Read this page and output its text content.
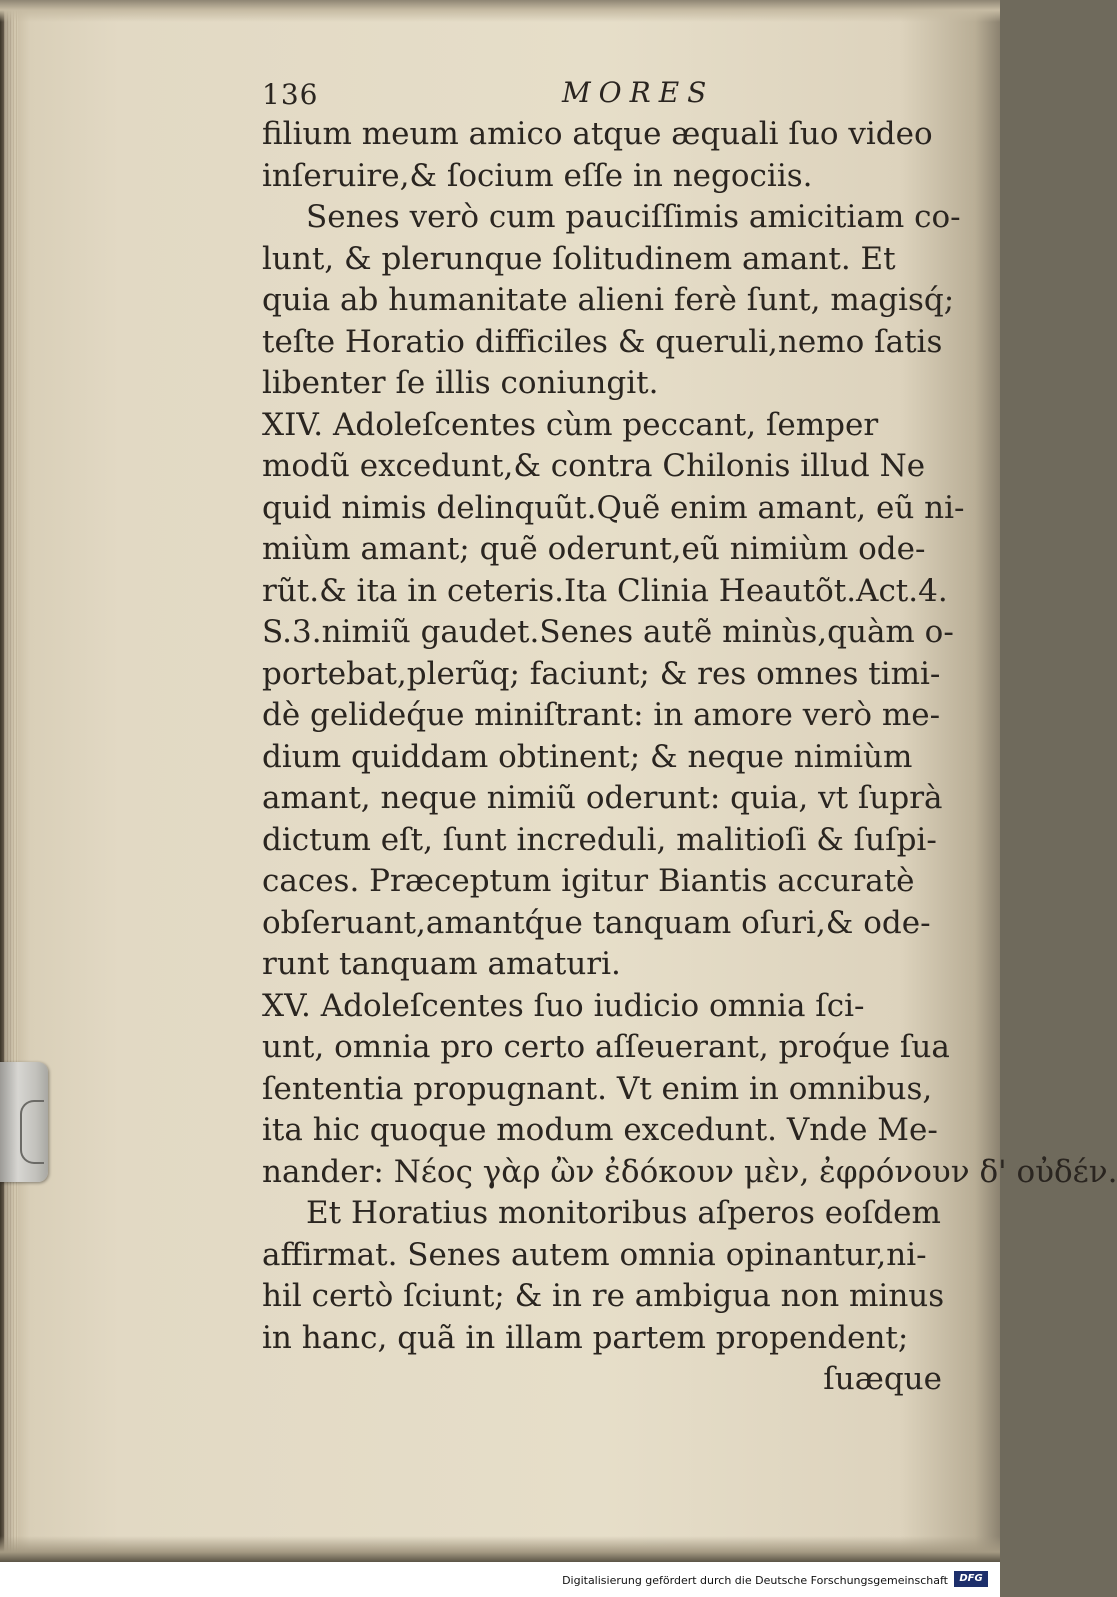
136	MORES
filium meum amico atque æquali ſuo video
inſeruire,& ſocium eſſe in negociis.
Senes verò cum pauciſſimis amicitiam co-
lunt, & plerunque ſolitudinem amant. Et
quia ab humanitate alieni ferè ſunt, magisq́;
teſte Horatio difficiles & queruli,nemo ſatis
libenter ſe illis coniungit.
XIV. Adoleſcentes cùm peccant, ſemper
modũ excedunt,& contra Chilonis illud Ne
quid nimis delinquũt.Quẽ enim amant, eũ ni-
miùm amant; quẽ oderunt,eũ nimiùm ode-
rũt.& ita in ceteris.Ita Clinia Heautõt.Act.4.
S.3.nimiũ gaudet.Senes autẽ minùs,quàm o-
portebat,plerũq; faciunt; & res omnes timi-
dè gelideq́ue miniſtrant: in amore verò me-
dium quiddam obtinent; & neque nimiùm
amant, neque nimiũ oderunt: quia, vt ſuprà
dictum eſt, ſunt increduli, malitioſi & ſuſpi-
caces. Præceptum igitur Biantis accuratè
obſeruant,amantq́ue tanquam oſuri,& ode-
runt tanquam amaturi.
XV. Adoleſcentes ſuo iudicio omnia ſci-
unt, omnia pro certo aſſeuerant, proq́ue ſua
ſententia propugnant. Vt enim in omnibus,
ita hic quoque modum excedunt. Vnde Me-
nander: Νέος γὰρ ὢν ἐδόκουν μὲν, ἐφρόνουν δ' οὐδέν.
Et Horatius monitoribus aſperos eoſdem
affirmat. Senes autem omnia opinantur,ni-
hil certò ſciunt; & in re ambigua non minus
in hanc, quã in illam partem propendent;
ſuæque
Digitalisierung gefördert durch die Deutsche Forschungsgemeinschaft	DFG
